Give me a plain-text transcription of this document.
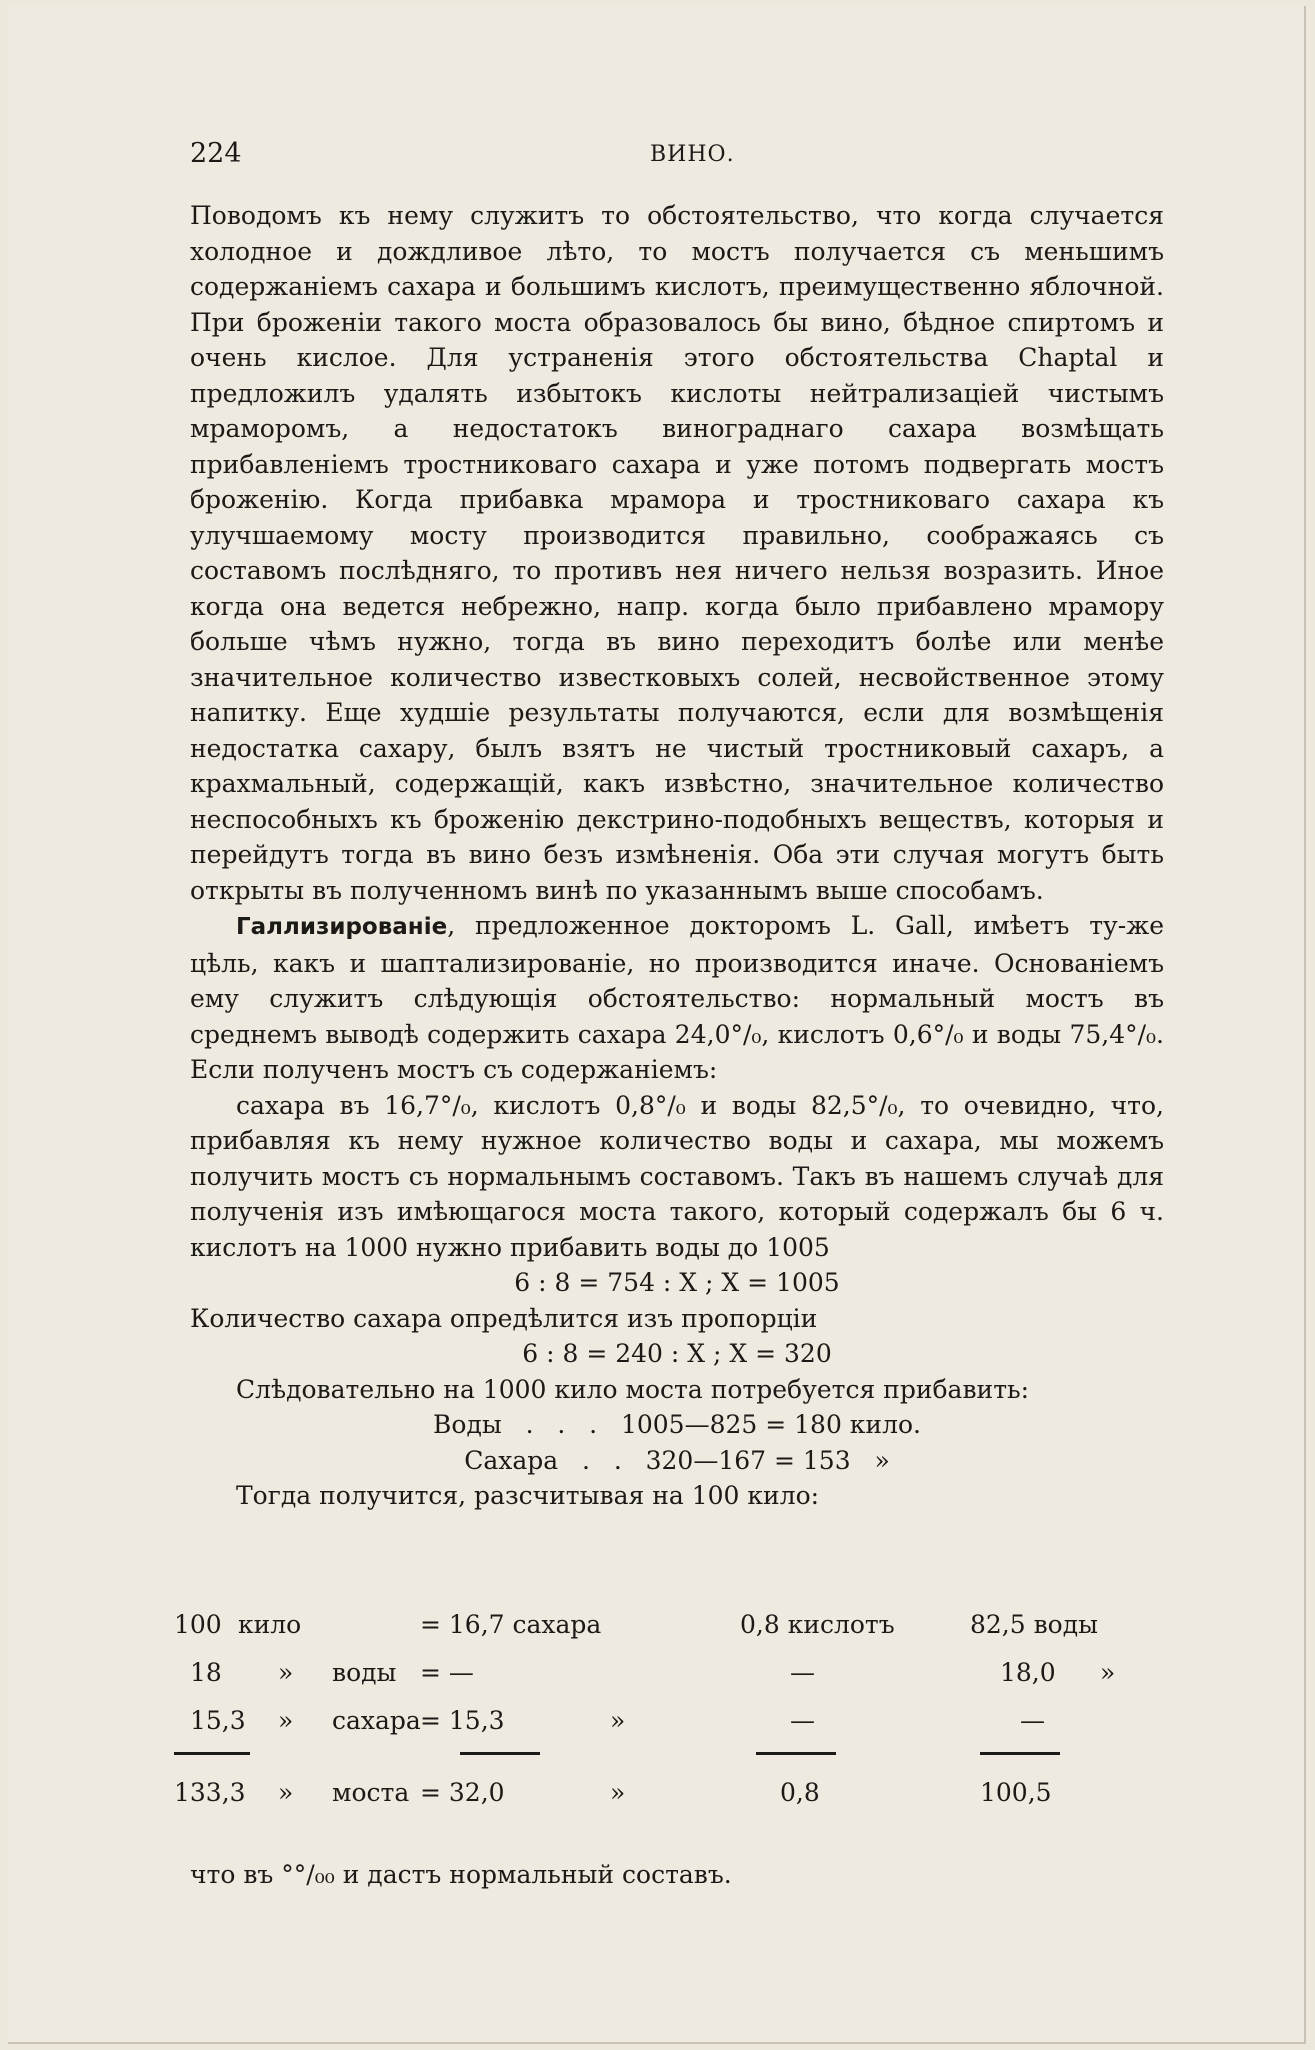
224	ВИНО.

Поводомъ къ нему служитъ то обстоятельство, что когда случается холодное и дождливое лѣто, то мостъ получается съ меньшимъ содержаніемъ сахара и большимъ кислотъ, преимущественно яблочной. При броженіи такого моста образовалось бы вино, бѣдное спиртомъ и очень кислое. Для устраненія этого обстоятельства Chaptal и предложилъ удалять избытокъ кислоты нейтрализаціей чистымъ мраморомъ, а недостатокъ винограднаго сахара возмѣщать прибавленіемъ тростниковаго сахара и уже потомъ подвергать мостъ броженію. Когда прибавка мрамора и тростниковаго сахара къ улучшаемому мосту производится правильно, соображаясь съ составомъ послѣдняго, то противъ нея ничего нельзя возразить. Иное когда она ведется небрежно, напр. когда было прибавлено мрамору больше чѣмъ нужно, тогда въ вино переходитъ болѣе или менѣе значительное количество известковыхъ солей, несвойственное этому напитку. Еще худшіе результаты получаются, если для возмѣщенія недостатка сахару, былъ взятъ не чистый тростниковый сахаръ, а крахмальный, содержащій, какъ извѣстно, значительное количество неспособныхъ къ броженію декстрино-подобныхъ веществъ, которыя и перейдутъ тогда въ вино безъ измѣненія. Оба эти случая могутъ быть открыты въ полученномъ винѣ по указаннымъ выше способамъ.

Галлизированіе, предложенное докторомъ L. Gall, имѣетъ ту-же цѣль, какъ и шаптализированіе, но производится иначе. Основаніемъ ему служитъ слѣдующія обстоятельство: нормальный мостъ въ среднемъ выводѣ содержить сахара 24,0°/₀, кислотъ 0,6°/₀ и воды 75,4°/₀. Если полученъ мостъ съ содержаніемъ:

сахара въ 16,7°/₀, кислотъ 0,8°/₀ и воды 82,5°/₀, то очевидно, что, прибавляя къ нему нужное количество воды и сахара, мы можемъ получить мостъ съ нормальнымъ составомъ. Такъ въ нашемъ случаѣ для полученія изъ имѣющагося моста такого, который содержалъ бы 6 ч. кислотъ на 1000 нужно прибавить воды до 1005

6 : 8 = 754 : X ; X = 1005

Количество сахара опредѣлится изъ пропорціи

6 : 8 = 240 : X ; X = 320

Слѣдовательно на 1000 кило моста потребуется прибавить:

Воды   .   .   .   1005—825 = 180 кило.

Сахара   .   .   320—167 = 153   »

Тогда получится, разсчитывая на 100 кило:

100 кило	= 16,7 сахара	0,8 кислотъ	82,5 воды
18 » воды = —	—	18,0 »
15,3 » сахара = 15,3	»	—	—
133,3 » моста = 32,0	»	0,8	100,5
что въ °°/₀₀ и дастъ нормальный составъ.
